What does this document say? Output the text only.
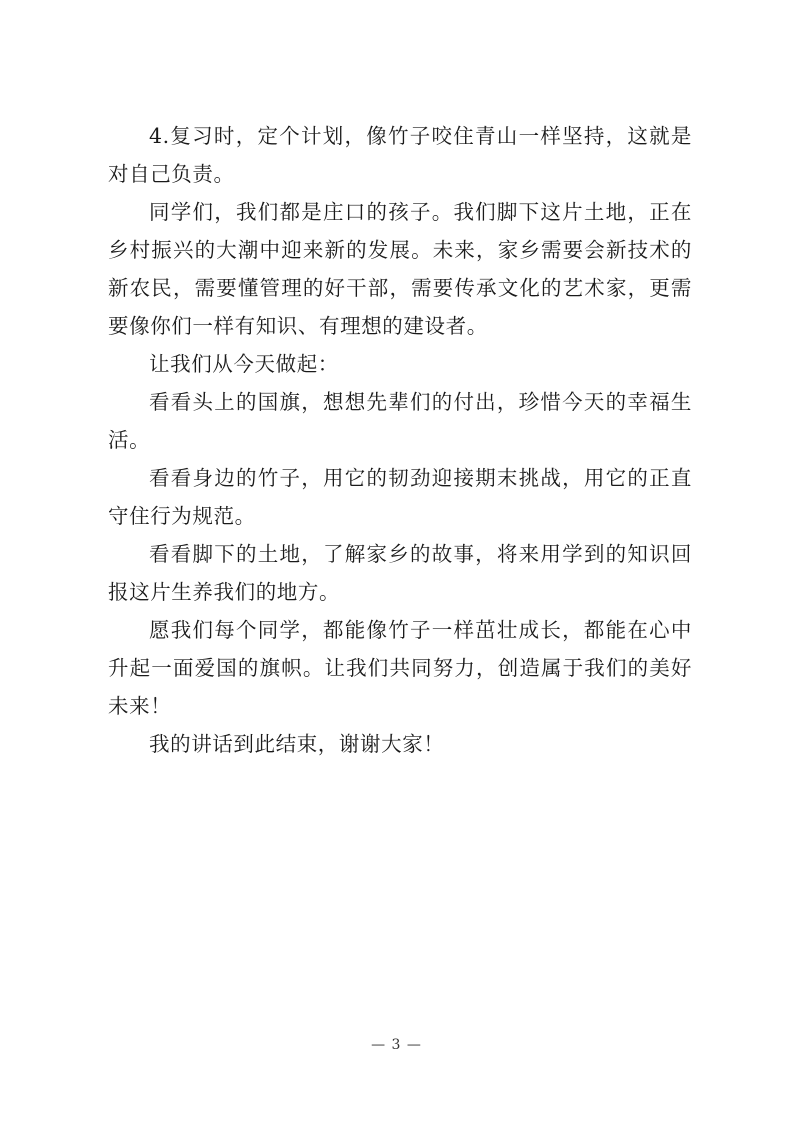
4.复习时，定个计划，像竹子咬住青山一样坚持，这就是对自己负责。

同学们，我们都是庄口的孩子。我们脚下这片土地，正在乡村振兴的大潮中迎来新的发展。未来，家乡需要会新技术的新农民，需要懂管理的好干部，需要传承文化的艺术家，更需要像你们一样有知识、有理想的建设者。

让我们从今天做起：

看看头上的国旗，想想先辈们的付出，珍惜今天的幸福生活。

看看身边的竹子，用它的韧劲迎接期末挑战，用它的正直守住行为规范。

看看脚下的土地，了解家乡的故事，将来用学到的知识回报这片生养我们的地方。

愿我们每个同学，都能像竹子一样茁壮成长，都能在心中升起一面爱国的旗帜。让我们共同努力，创造属于我们的美好未来！

我的讲话到此结束，谢谢大家！

— 3 —
